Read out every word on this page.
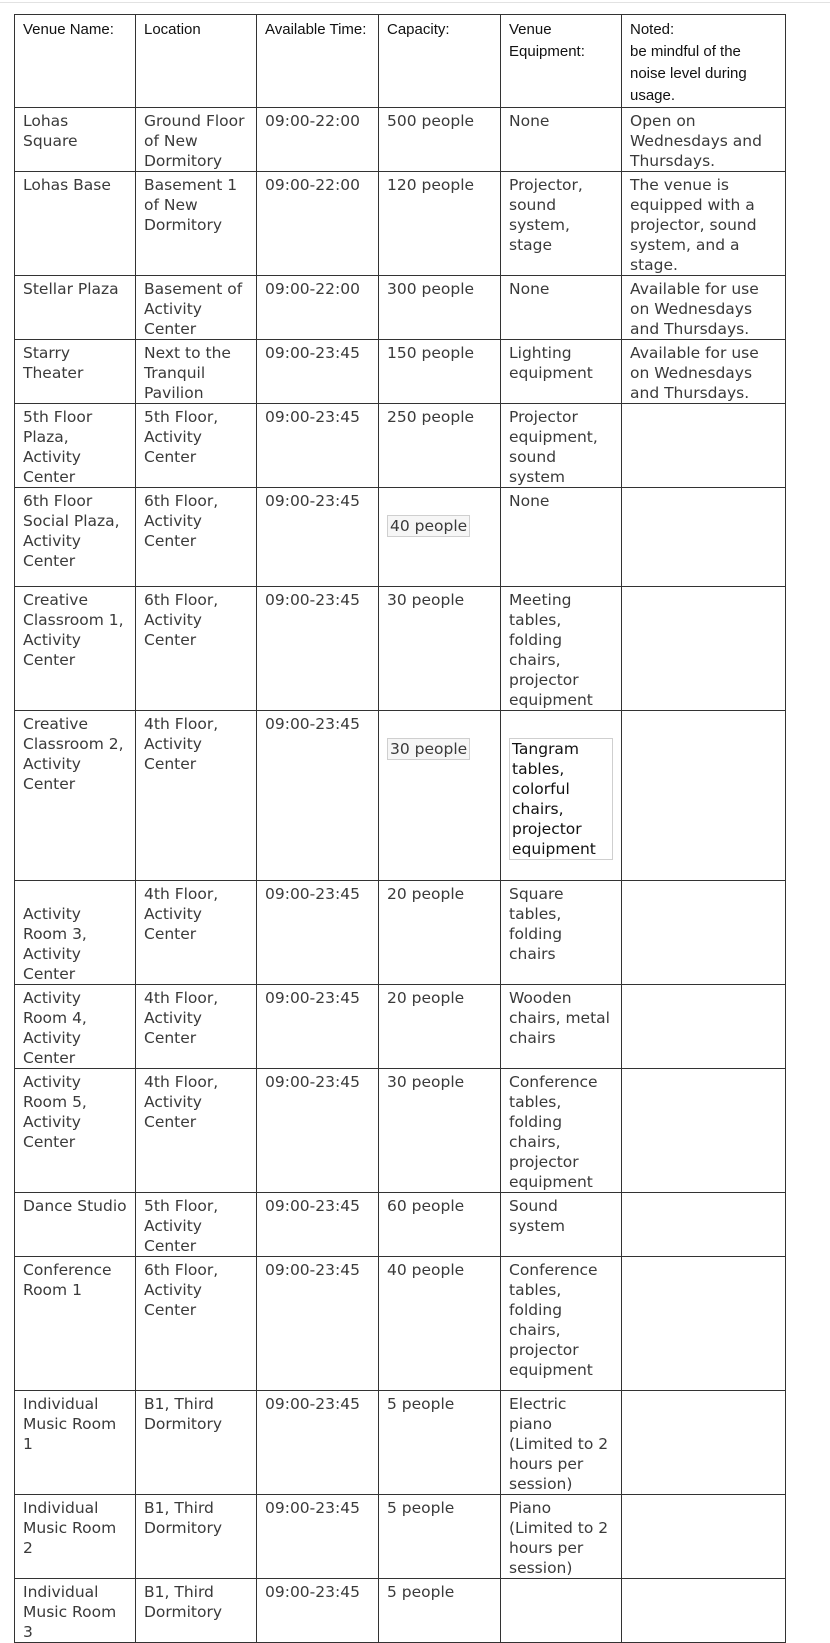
Venue Name:	Location	Available Time:	Capacity:	Venue Equipment:	Noted:
be mindful of the noise level during usage.

Lohas Square	Ground Floor of New Dormitory	09:00-22:00	500 people	None	Open on Wednesdays and Thursdays.
Lohas Base	Basement 1 of New Dormitory	09:00-22:00	120 people	Projector, sound system, stage	The venue is equipped with a projector, sound system, and a stage.
Stellar Plaza	Basement of Activity Center	09:00-22:00	300 people	None	Available for use on Wednesdays and Thursdays.
Starry Theater	Next to the Tranquil Pavilion	09:00-23:45	150 people	Lighting equipment	Available for use on Wednesdays and Thursdays.
5th Floor Plaza, Activity Center	5th Floor, Activity Center	09:00-23:45	250 people	Projector equipment, sound system	
6th Floor Social Plaza, Activity Center	6th Floor, Activity Center	09:00-23:45	40 people	None	
Creative Classroom 1, Activity Center	6th Floor, Activity Center	09:00-23:45	30 people	Meeting tables, folding chairs, projector equipment	
Creative Classroom 2, Activity Center	4th Floor, Activity Center	09:00-23:45	30 people	Tangram tables, colorful chairs, projector equipment	
Activity Room 3, Activity Center	4th Floor, Activity Center	09:00-23:45	20 people	Square tables, folding chairs	
Activity Room 4, Activity Center	4th Floor, Activity Center	09:00-23:45	20 people	Wooden chairs, metal chairs	
Activity Room 5, Activity Center	4th Floor, Activity Center	09:00-23:45	30 people	Conference tables, folding chairs, projector equipment	
Dance Studio	5th Floor, Activity Center	09:00-23:45	60 people	Sound system	
Conference Room 1	6th Floor, Activity Center	09:00-23:45	40 people	Conference tables, folding chairs, projector equipment	
Individual Music Room 1	B1, Third Dormitory	09:00-23:45	5 people	Electric piano (Limited to 2 hours per session)	
Individual Music Room 2	B1, Third Dormitory	09:00-23:45	5 people	Piano (Limited to 2 hours per session)	
Individual Music Room 3	B1, Third Dormitory	09:00-23:45	5 people		
